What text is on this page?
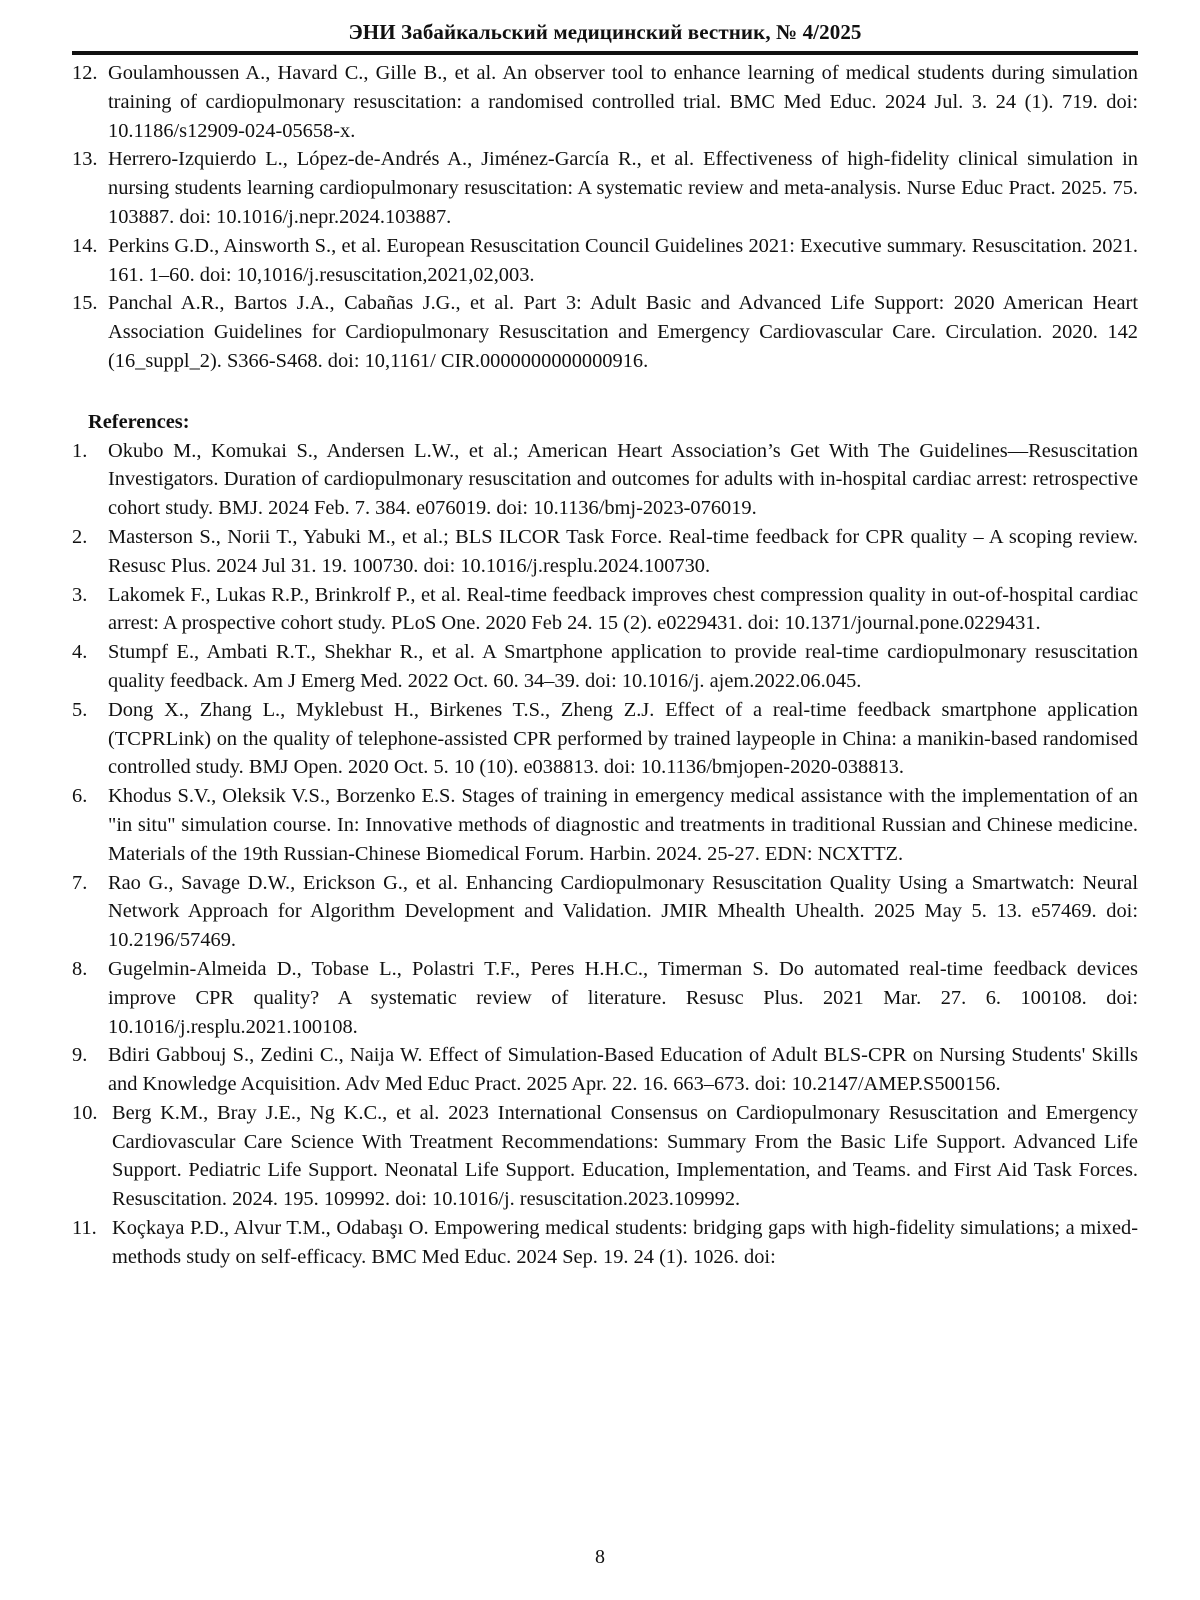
ЭНИ Забайкальский медицинский вестник, № 4/2025
12. Goulamhoussen A., Havard C., Gille B., et al. An observer tool to enhance learning of medical students during simulation training of cardiopulmonary resuscitation: a randomised controlled trial. BMC Med Educ. 2024 Jul. 3. 24 (1). 719. doi: 10.1186/s12909-024-05658-x.
13. Herrero-Izquierdo L., López-de-Andrés A., Jiménez-García R., et al. Effectiveness of high-fidelity clinical simulation in nursing students learning cardiopulmonary resuscitation: A systematic review and meta-analysis. Nurse Educ Pract. 2025. 75. 103887. doi: 10.1016/j.nepr.2024.103887.
14. Perkins G.D., Ainsworth S., et al. European Resuscitation Council Guidelines 2021: Executive summary. Resuscitation. 2021. 161. 1–60. doi: 10,1016/j.resuscitation,2021,02,003.
15. Panchal A.R., Bartos J.A., Cabañas J.G., et al. Part 3: Adult Basic and Advanced Life Support: 2020 American Heart Association Guidelines for Cardiopulmonary Resuscitation and Emergency Cardiovascular Care. Circulation. 2020. 142 (16_suppl_2). S366-S468. doi: 10,1161/ CIR.0000000000000916.
References:
1.	Okubo M., Komukai S., Andersen L.W., et al.; American Heart Association’s Get With The Guidelines—Resuscitation Investigators. Duration of cardiopulmonary resuscitation and outcomes for adults with in-hospital cardiac arrest: retrospective cohort study. BMJ. 2024 Feb. 7. 384. e076019. doi: 10.1136/bmj-2023-076019.
2.	Masterson S., Norii T., Yabuki M., et al.; BLS ILCOR Task Force. Real-time feedback for CPR quality – A scoping review. Resusc Plus. 2024 Jul 31. 19. 100730. doi: 10.1016/j.resplu.2024.100730.
3.	Lakomek F., Lukas R.P., Brinkrolf P., et al. Real-time feedback improves chest compression quality in out-of-hospital cardiac arrest: A prospective cohort study. PLoS One. 2020 Feb 24. 15 (2). e0229431. doi: 10.1371/journal.pone.0229431.
4.	Stumpf E., Ambati R.T., Shekhar R., et al. A Smartphone application to provide real-time cardiopulmonary resuscitation quality feedback. Am J Emerg Med. 2022 Oct. 60. 34–39. doi: 10.1016/j. ajem.2022.06.045.
5.	Dong X., Zhang L., Myklebust H., Birkenes T.S., Zheng Z.J. Effect of a real-time feedback smartphone application (TCPRLink) on the quality of telephone-assisted CPR performed by trained laypeople in China: a manikin-based randomised controlled study. BMJ Open. 2020 Oct. 5. 10 (10). e038813. doi: 10.1136/bmjopen-2020-038813.
6.	Khodus S.V., Oleksik V.S., Borzenko E.S. Stages of training in emergency medical assistance with the implementation of an "in situ" simulation course. In: Innovative methods of diagnostic and treatments in traditional Russian and Chinese medicine. Materials of the 19th Russian-Chinese Biomedical Forum. Harbin. 2024. 25-27. EDN: NCXTTZ.
7.	Rao G., Savage D.W., Erickson G., et al. Enhancing Cardiopulmonary Resuscitation Quality Using a Smartwatch: Neural Network Approach for Algorithm Development and Validation. JMIR Mhealth Uhealth. 2025 May 5. 13. e57469. doi: 10.2196/57469.
8.	Gugelmin-Almeida D., Tobase L., Polastri T.F., Peres H.H.C., Timerman S. Do automated real-time feedback devices improve CPR quality? A systematic review of literature. Resusc Plus. 2021 Mar. 27. 6. 100108. doi: 10.1016/j.resplu.2021.100108.
9.	Bdiri Gabbouj S., Zedini C., Naija W. Effect of Simulation-Based Education of Adult BLS-CPR on Nursing Students' Skills and Knowledge Acquisition. Adv Med Educ Pract. 2025 Apr. 22. 16. 663–673. doi: 10.2147/AMEP.S500156.
10. Berg K.M., Bray J.E., Ng K.C., et al. 2023 International Consensus on Cardiopulmonary Resuscitation and Emergency Cardiovascular Care Science With Treatment Recommendations: Summary From the Basic Life Support. Advanced Life Support. Pediatric Life Support. Neonatal Life Support. Education, Implementation, and Teams. and First Aid Task Forces. Resuscitation. 2024. 195. 109992. doi: 10.1016/j. resuscitation.2023.109992.
11. Koçkaya P.D., Alvur T.M., Odabaşı O. Empowering medical students: bridging gaps with high-fidelity simulations; a mixed-methods study on self-efficacy. BMC Med Educ. 2024 Sep. 19. 24 (1). 1026. doi:
8
